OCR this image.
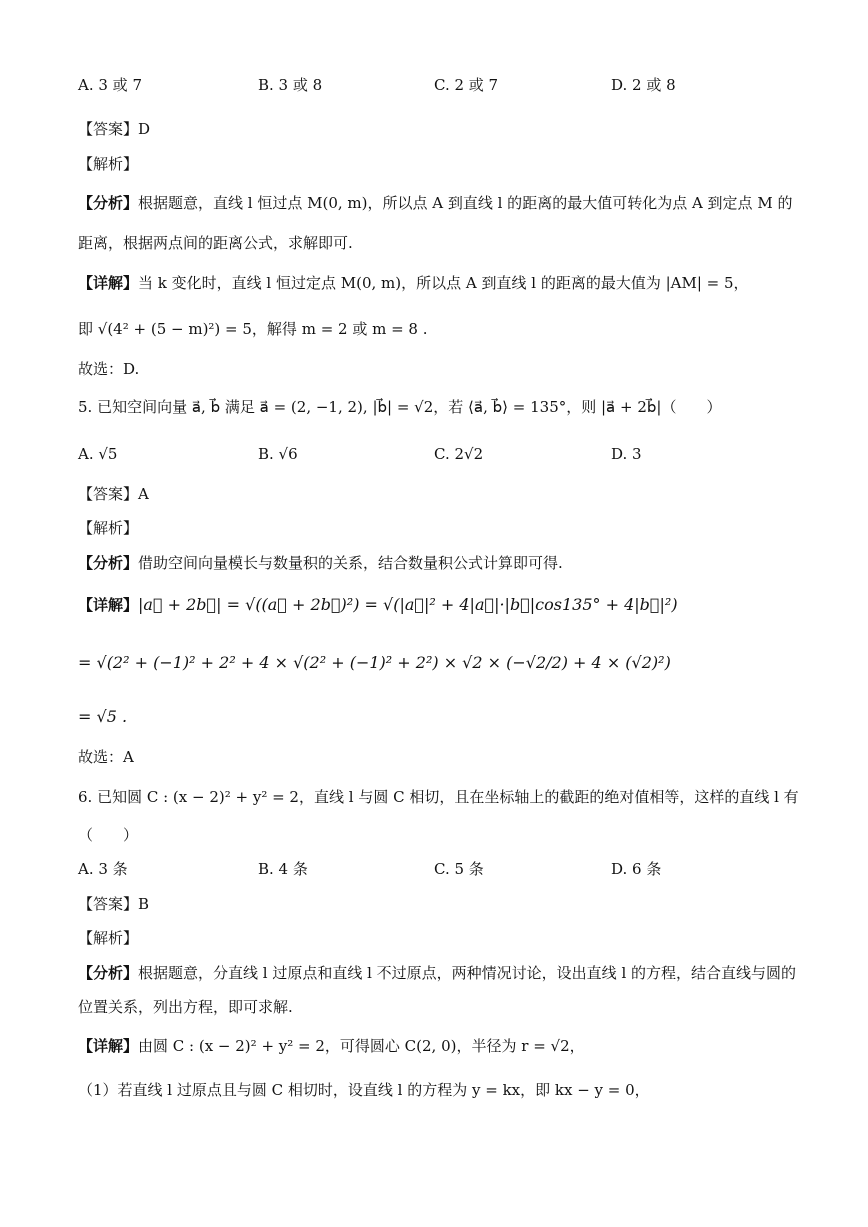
A. 3 或 7	B. 3 或 8	C. 2 或 7	D. 2 或 8
【答案】D
【解析】
【分析】根据题意，直线 l 恒过点 M(0, m)，所以点 A 到直线 l 的距离的最大值可转化为点 A 到定点 M 的
距离，根据两点间的距离公式，求解即可.
【详解】当 k 变化时，直线 l 恒过定点 M(0, m)，所以点 A 到直线 l 的距离的最大值为 |AM| = 5，
即 √(4² + (5 − m)²) = 5，解得 m = 2 或 m = 8 .
故选：D.
5. 已知空间向量 a⃗, b⃗ 满足 a⃗ = (2, −1, 2), |b⃗| = √2，若 ⟨a⃗, b⃗⟩ = 135°，则 |a⃗ + 2b⃗|（　　）
A. √5	B. √6	C. 2√2	D. 3
【答案】A
【解析】
【分析】借助空间向量模长与数量积的关系，结合数量积公式计算即可得.
【详解】|a⃗ + 2b⃗| = √((a⃗ + 2b⃗)²) = √(|a⃗|² + 4|a⃗|·|b⃗|cos135° + 4|b⃗|²)
= √(2² + (−1)² + 2² + 4 × √(2² + (−1)² + 2²) × √2 × (−√2/2) + 4 × (√2)²)
= √5 .
故选：A
6. 已知圆 C : (x − 2)² + y² = 2，直线 l 与圆 C 相切，且在坐标轴上的截距的绝对值相等，这样的直线 l 有
（　　）
A. 3 条	B. 4 条	C. 5 条	D. 6 条
【答案】B
【解析】
【分析】根据题意，分直线 l 过原点和直线 l 不过原点，两种情况讨论，设出直线 l 的方程，结合直线与圆的
位置关系，列出方程，即可求解.
【详解】由圆 C : (x − 2)² + y² = 2，可得圆心 C(2, 0)，半径为 r = √2，
（1）若直线 l 过原点且与圆 C 相切时，设直线 l 的方程为 y = kx，即 kx − y = 0，
